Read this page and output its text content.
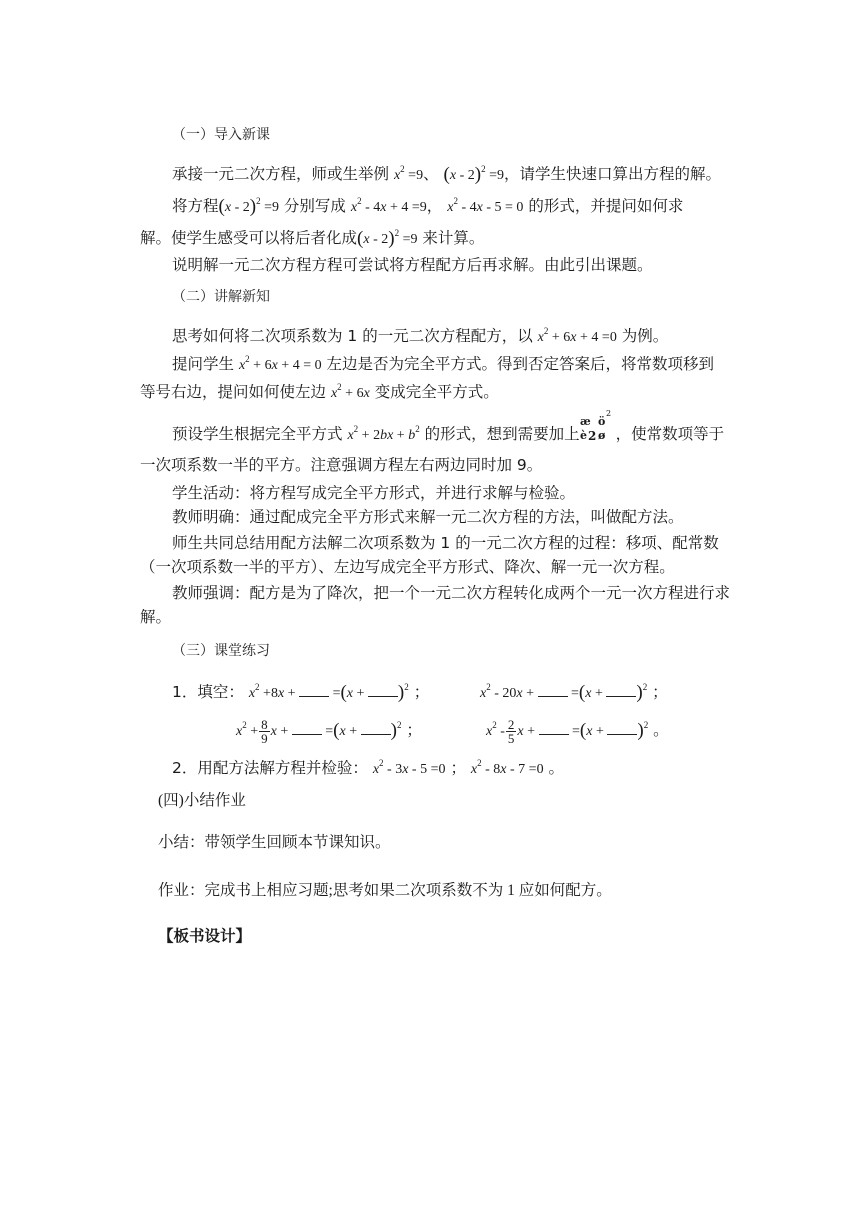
（一）导入新课
承接一元二次方程，师或生举例 $x^2 =9$、 (x - 2)$^2$ =9，请学生快速口算出方程的解。
将方程(x - 2)$^2$ =9 分别写成 $x^2 - 4x + 4 =9$， $x^2 - 4x - 5 = 0$ 的形式，并提问如何求
解。使学生感受可以将后者化成(x - 2)$^2$ =9 来计算。
说明解一元二次方程方程可尝试将方程配方后再求解。由此引出课题。
（二）讲解新知
思考如何将二次项系数为 1 的一元二次方程配方，以 $x^2 + 6x + 4 =0$ 为例。
提问学生 $x^2 + 6x + 4 = 0$ 左边是否为完全平方式。得到否定答案后，将常数项移到
等号右边，提问如何使左边 $x^2 + 6x$ 变成完全平方式。
预设学生根据完全平方式 $x^2 + 2bx + b^2$ 的形式，想到需要加上 ，使常数项等于
æ ö
è 2 ø
2
一次项系数一半的平方。注意强调方程左右两边同时加 9。
学生活动：将方程写成完全平方形式，并进行求解与检验。
教师明确：通过配成完全平方形式来解一元二次方程的方法，叫做配方法。
师生共同总结用配方法解二次项系数为 1 的一元二次方程的过程：移项、配常数
（一次项系数一半的平方）、左边写成完全平方形式、降次、解一元一次方程。
教师强调：配方是为了降次，把一个一元二次方程转化成两个一元一次方程进行求
解。
（三）课堂练习
1．填空： $x^2 +8x$ +	$=(x + )^2$ ；	$x^2 - 20x$ +	$=(x + )^2$ ；
$x^2 + \frac{8}{9}$ x +	$=(x + )^2$ ；	$x^2 - \frac{2}{5}$ x +	$=(x + )^2$ 。
2．用配方法解方程并检验： $x^2 - 3x - 5 =0$ ； $x^2 - 8x - 7 =0$ 。
(四)小结作业
小结：带领学生回顾本节课知识。
作业：完成书上相应习题;思考如果二次项系数不为 1 应如何配方。
【板书设计】
